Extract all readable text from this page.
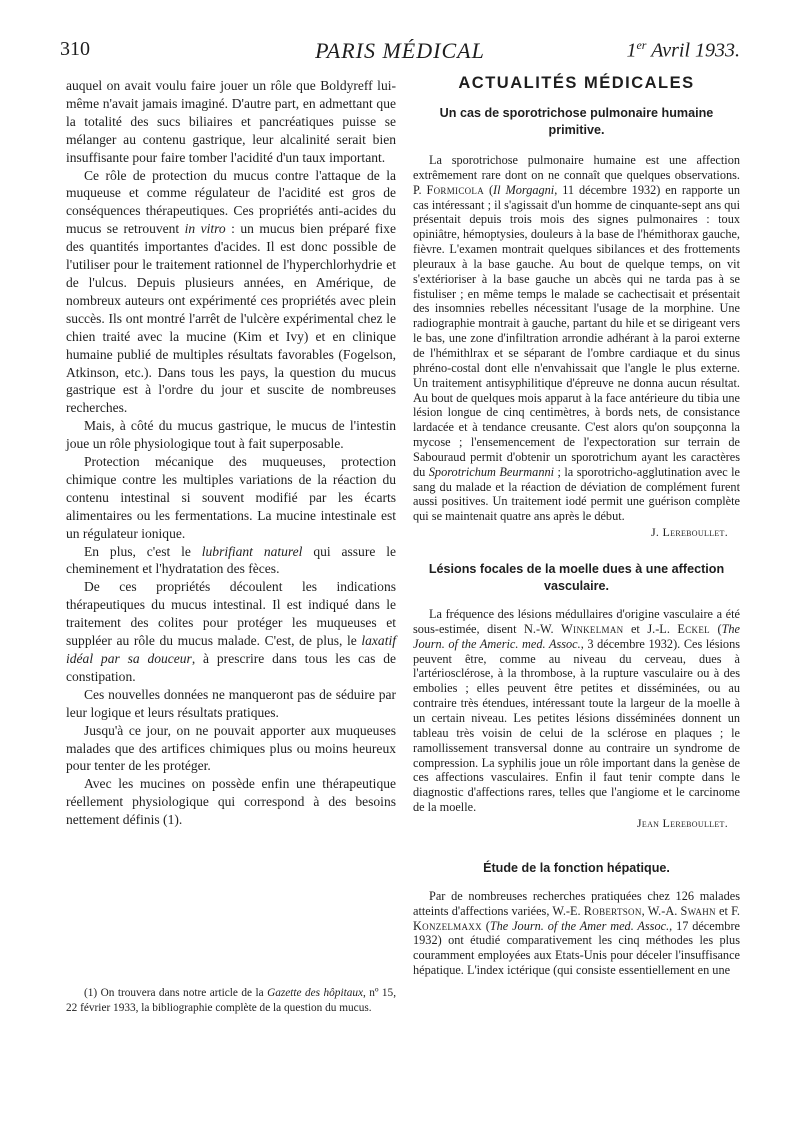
310	PARIS MÉDICAL	1er Avril 1933.

auquel on avait voulu faire jouer un rôle que Boldyreff lui-même n'avait jamais imaginé. D'autre part, en admettant que la totalité des sucs biliaires et pancréatiques puisse se mélanger au contenu gastrique, leur alcalinité serait bien insuffisante pour faire tomber l'acidité d'un taux important.

Ce rôle de protection du mucus contre l'attaque de la muqueuse et comme régulateur de l'acidité est gros de conséquences thérapeutiques. Ces propriétés anti-acides du mucus se retrouvent in vitro : un mucus bien préparé fixe des quantités importantes d'acides. Il est donc possible de l'utiliser pour le traitement rationnel de l'hyperchlorhydrie et de l'ulcus. Depuis plusieurs années, en Amérique, de nombreux auteurs ont expérimenté ces propriétés avec plein succès. Ils ont montré l'arrêt de l'ulcère expérimental chez le chien traité avec la mucine (Kim et Ivy) et en clinique humaine publié de multiples résultats favorables (Fogelson, Atkinson, etc.). Dans tous les pays, la question du mucus gastrique est à l'ordre du jour et suscite de nombreuses recherches.

Mais, à côté du mucus gastrique, le mucus de l'intestin joue un rôle physiologique tout à fait superposable.

Protection mécanique des muqueuses, protection chimique contre les multiples variations de la réaction du contenu intestinal si souvent modifié par les écarts alimentaires ou les fermentations. La mucine intestinale est un régulateur ionique.

En plus, c'est le lubrifiant naturel qui assure le cheminement et l'hydratation des fèces.

De ces propriétés découlent les indications thérapeutiques du mucus intestinal. Il est indiqué dans le traitement des colites pour protéger les muqueuses et suppléer au rôle du mucus malade. C'est, de plus, le laxatif idéal par sa douceur, à prescrire dans tous les cas de constipation.

Ces nouvelles données ne manqueront pas de séduire par leur logique et leurs résultats pratiques.

Jusqu'à ce jour, on ne pouvait apporter aux muqueuses malades que des artifices chimiques plus ou moins heureux pour tenter de les protéger.

Avec les mucines on possède enfin une thérapeutique réellement physiologique qui correspond à des besoins nettement définis (1).

(1) On trouvera dans notre article de la Gazette des hôpitaux, nº 15, 22 février 1933, la bibliographie complète de la question du mucus.

ACTUALITÉS MÉDICALES
Un cas de sporotrichose pulmonaire humaine primitive.

La sporotrichose pulmonaire humaine est une affection extrêmement rare dont on ne connaît que quelques observations. P. Formicola (Il Morgagni, 11 décembre 1932) en rapporte un cas intéressant ; il s'agissait d'un homme de cinquante-sept ans qui présentait depuis trois mois des signes pulmonaires : toux opiniâtre, hémoptysies, douleurs à la base de l'hémithorax gauche, fièvre. L'examen montrait quelques sibilances et des frottements pleuraux à la base gauche. Au bout de quelque temps, on vit s'extérioriser à la base gauche un abcès qui ne tarda pas à se fistuliser ; en même temps le malade se cachectisait et présentait des insomnies rebelles nécessitant l'usage de la morphine. Une radiographie montrait à gauche, partant du hile et se dirigeant vers le bas, une zone d'infiltration arrondie adhérant à la paroi externe de l'hémithlrax et se séparant de l'ombre cardiaque et du sinus phréno-costal dont elle n'envahissait que l'angle le plus externe. Un traitement antisyphilitique d'épreuve ne donna aucun résultat. Au bout de quelques mois apparut à la face antérieure du tibia une lésion longue de cinq centimètres, à bords nets, de consistance lardacée et à tendance creusante. C'est alors qu'on soupçonna la mycose ; l'ensemencement de l'expectoration sur terrain de Sabouraud permit d'obtenir un sporotrichum ayant les caractères du Sporotrichum Beurmanni ; la sporotricho-agglutination avec le sang du malade et la réaction de déviation de complément furent aussi positives. Un traitement iodé permit une guérison complète qui se maintenait quatre ans après le début.

J. Lereboullet.
Lésions focales de la moelle dues à une affection vasculaire.

La fréquence des lésions médullaires d'origine vasculaire a été sous-estimée, disent N.-W. Winkelman et J.-L. Eckel (The Journ. of the Americ. med. Assoc., 3 décembre 1932). Ces lésions peuvent être, comme au niveau du cerveau, dues à l'artériosclérose, à la thrombose, à la rupture vasculaire ou à des embolies ; elles peuvent être petites et disséminées, ou au contraire très étendues, intéressant toute la largeur de la moelle à un certain niveau. Les petites lésions disséminées donnent un tableau très voisin de celui de la sclérose en plaques ; le ramollissement transversal donne au contraire un syndrome de compression. La syphilis joue un rôle important dans la genèse de ces affections vasculaires. Enfin il faut tenir compte dans le diagnostic d'affections rares, telles que l'angiome et le carcinome de la moelle.

Jean Lereboullet.
Étude de la fonction hépatique.

Par de nombreuses recherches pratiquées chez 126 malades atteints d'affections variées, W.-E. Robertson, W.-A. Swahn et F. Konzelmaxx (The Journ. of the Amer med. Assoc., 17 décembre 1932) ont étudié comparativement les cinq méthodes les plus couramment employées aux Etats-Unis pour déceler l'insuffisance hépatique. L'index ictérique (qui consiste essentiellement en une
